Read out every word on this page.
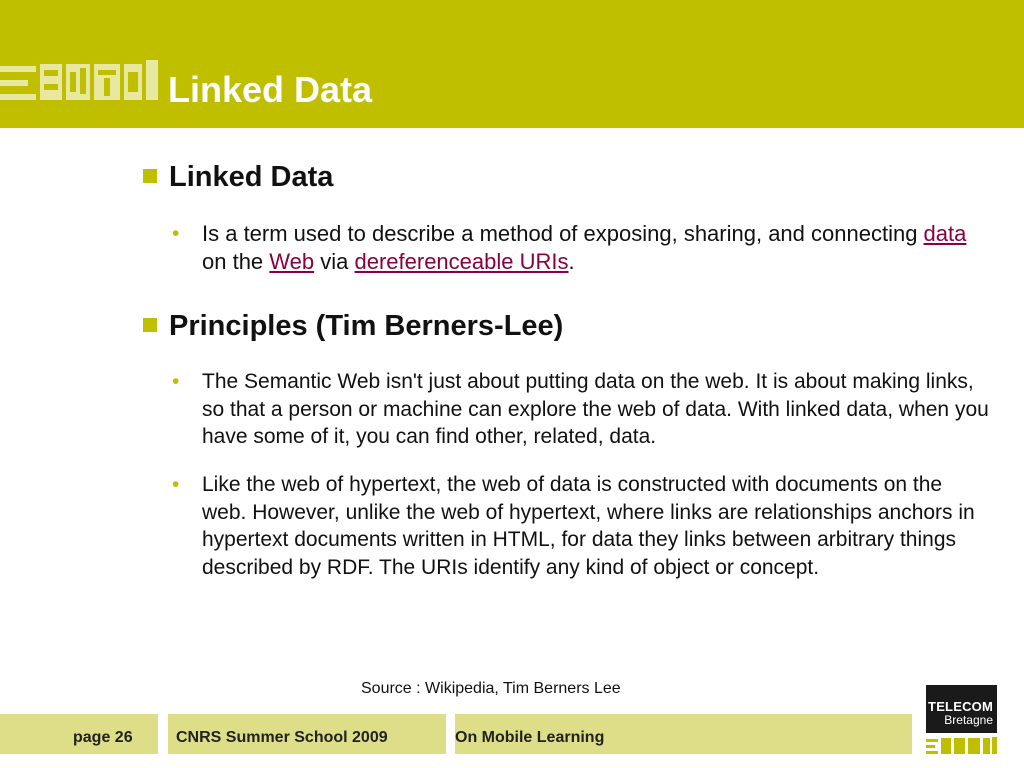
Linked Data
Linked Data
• Is a term used to describe a method of exposing, sharing, and connecting data on the Web via dereferenceable URIs.
Principles (Tim Berners-Lee)
• The Semantic Web isn't just about putting data on the web. It is about making links, so that a person or machine can explore the web of data. With linked data, when you have some of it, you can find other, related, data.
• Like the web of hypertext, the web of data is constructed with documents on the web. However, unlike the web of hypertext, where links are relationships anchors in hypertext documents written in HTML, for data they links between arbitrary things described by RDF. The URIs identify any kind of object or concept.
Source : Wikipedia, Tim Berners Lee
page 26	CNRS Summer School 2009	On Mobile Learning
TELECOM
Bretagne
